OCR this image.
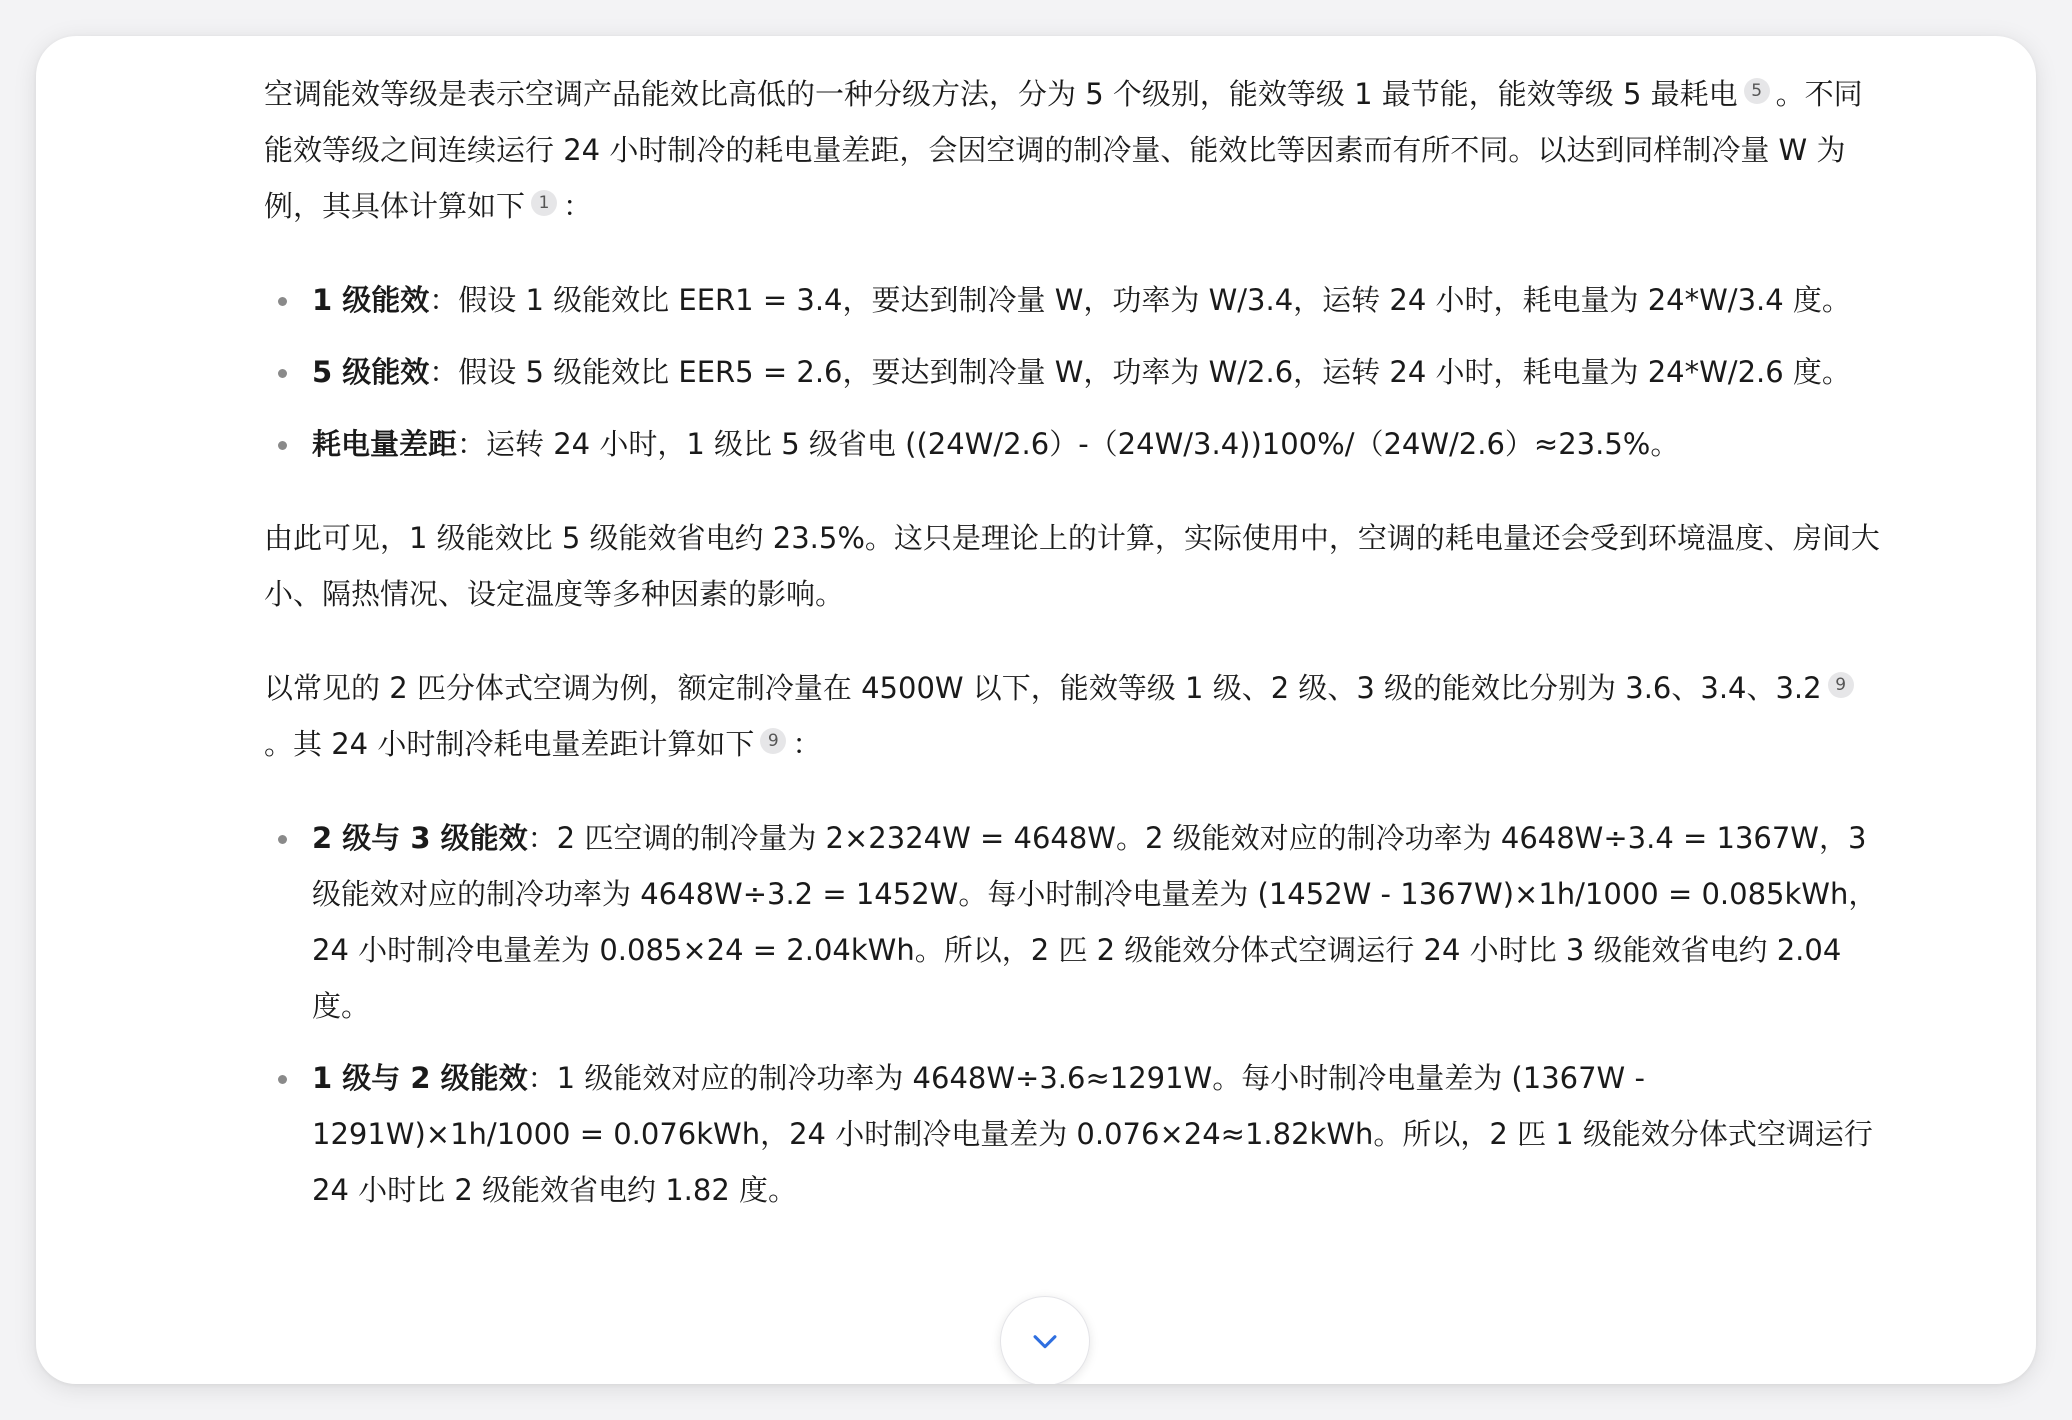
空调能效等级是表示空调产品能效比高低的一种分级方法，分为 5 个级别，能效等级 1 最节能，能效等级 5 最耗电 5 。不同能效等级之间连续运行 24 小时制冷的耗电量差距，会因空调的制冷量、能效比等因素而有所不同。以达到同样制冷量 W 为例，其具体计算如下 1 ：

1 级能效：假设 1 级能效比 EER1 = 3.4，要达到制冷量 W，功率为 W/3.4，运转 24 小时，耗电量为 24*W/3.4 度。
5 级能效：假设 5 级能效比 EER5 = 2.6，要达到制冷量 W，功率为 W/2.6，运转 24 小时，耗电量为 24*W/2.6 度。
耗电量差距：运转 24 小时，1 级比 5 级省电 ((24W/2.6）-（24W/3.4))100%/（24W/2.6）≈23.5%。

由此可见，1 级能效比 5 级能效省电约 23.5%。这只是理论上的计算，实际使用中，空调的耗电量还会受到环境温度、房间大小、隔热情况、设定温度等多种因素的影响。

以常见的 2 匹分体式空调为例，额定制冷量在 4500W 以下，能效等级 1 级、2 级、3 级的能效比分别为 3.6、3.4、3.2 9。其 24 小时制冷耗电量差距计算如下 9 ：

2 级与 3 级能效：2 匹空调的制冷量为 2×2324W = 4648W。2 级能效对应的制冷功率为 4648W÷3.4 = 1367W，3 级能效对应的制冷功率为 4648W÷3.2 = 1452W。每小时制冷电量差为 (1452W - 1367W)×1h/1000 = 0.085kWh，24 小时制冷电量差为 0.085×24 = 2.04kWh。所以，2 匹 2 级能效分体式空调运行 24 小时比 3 级能效省电约 2.04 度。
1 级与 2 级能效：1 级能效对应的制冷功率为 4648W÷3.6≈1291W。每小时制冷电量差为 (1367W - 1291W)×1h/1000 = 0.076kWh，24 小时制冷电量差为 0.076×24≈1.82kWh。所以，2 匹 1 级能效分体式空调运行 24 小时比 2 级能效省电约 1.82 度。
